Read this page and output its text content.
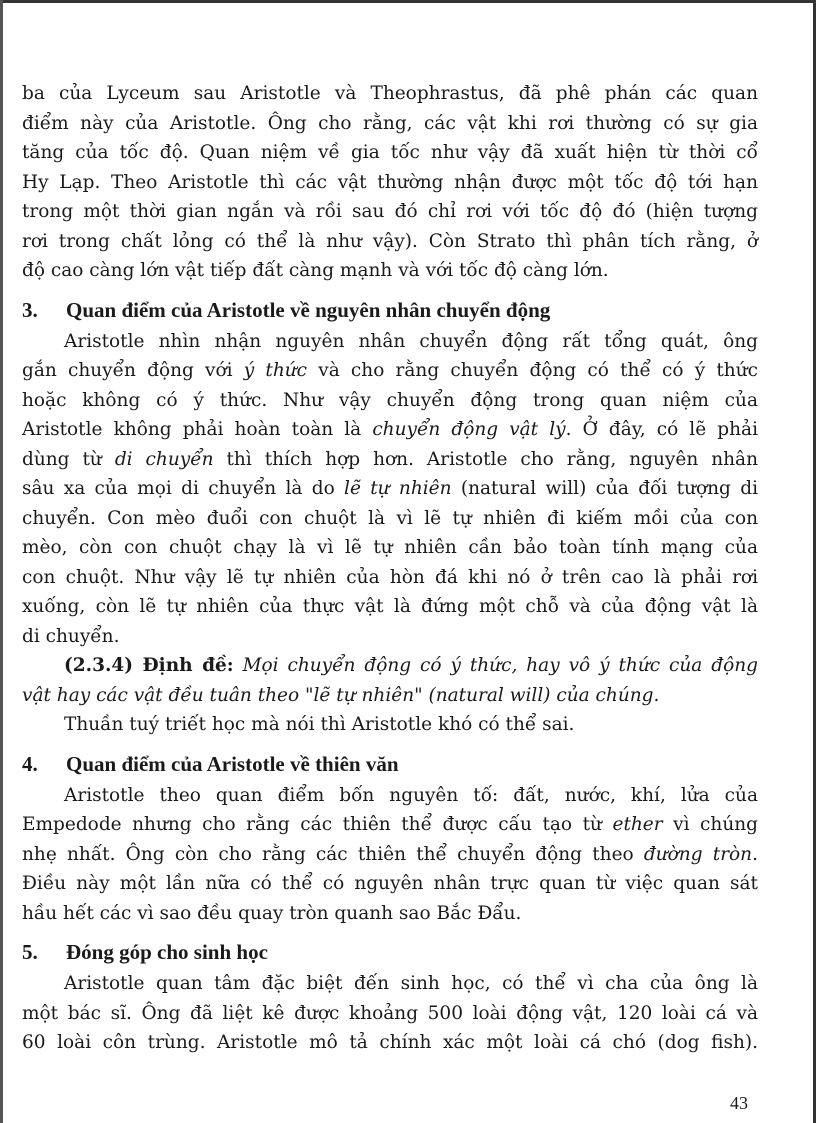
ba của Lyceum sau Aristotle và Theophrastus, đã phê phán các quan
điểm này của Aristotle. Ông cho rằng, các vật khi rơi thường có sự gia
tăng của tốc độ. Quan niệm về gia tốc như vậy đã xuất hiện từ thời cổ
Hy Lạp. Theo Aristotle thì các vật thường nhận được một tốc độ tới hạn
trong một thời gian ngắn và rồi sau đó chỉ rơi với tốc độ đó (hiện tượng
rơi trong chất lỏng có thể là như vậy). Còn Strato thì phân tích rằng, ở
độ cao càng lớn vật tiếp đất càng mạnh và với tốc độ càng lớn.
3. Quan điểm của Aristotle về nguyên nhân chuyển động
Aristotle nhìn nhận nguyên nhân chuyển động rất tổng quát, ông
gắn chuyển động với ý thức và cho rằng chuyển động có thể có ý thức
hoặc không có ý thức. Như vậy chuyển động trong quan niệm của
Aristotle không phải hoàn toàn là chuyển động vật lý. Ở đây, có lẽ phải
dùng từ di chuyển thì thích hợp hơn. Aristotle cho rằng, nguyên nhân
sâu xa của mọi di chuyển là do lẽ tự nhiên (natural will) của đối tượng di
chuyển. Con mèo đuổi con chuột là vì lẽ tự nhiên đi kiếm mồi của con
mèo, còn con chuột chạy là vì lẽ tự nhiên cần bảo toàn tính mạng của
con chuột. Như vậy lẽ tự nhiên của hòn đá khi nó ở trên cao là phải rơi
xuống, còn lẽ tự nhiên của thực vật là đứng một chỗ và của động vật là
di chuyển.
(2.3.4) Định đề: Mọi chuyển động có ý thức, hay vô ý thức của động
vật hay các vật đều tuân theo "lẽ tự nhiên" (natural will) của chúng.
Thuần tuý triết học mà nói thì Aristotle khó có thể sai.
4. Quan điểm của Aristotle về thiên văn
Aristotle theo quan điểm bốn nguyên tố: đất, nước, khí, lửa của
Empedode nhưng cho rằng các thiên thể được cấu tạo từ ether vì chúng
nhẹ nhất. Ông còn cho rằng các thiên thể chuyển động theo đường tròn.
Điều này một lần nữa có thể có nguyên nhân trực quan từ việc quan sát
hầu hết các vì sao đều quay tròn quanh sao Bắc Đẩu.
5. Đóng góp cho sinh học
Aristotle quan tâm đặc biệt đến sinh học, có thể vì cha của ông là
một bác sĩ. Ông đã liệt kê được khoảng 500 loài động vật, 120 loài cá và
60 loài côn trùng. Aristotle mô tả chính xác một loài cá chó (dog fish).
43
